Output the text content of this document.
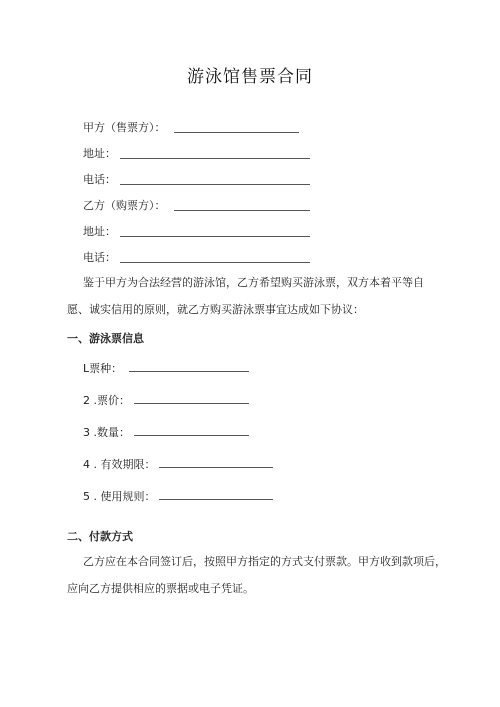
游泳馆售票合同
甲方（售票方）：
地址：
电话：
乙方（购票方）：
地址：
电话：
鉴于甲方为合法经营的游泳馆，乙方希望购买游泳票，双方本着平等自
愿、诚实信用的原则，就乙方购买游泳票事宜达成如下协议：
一、游泳票信息
L票种：
2 .票价：
3 .数量：
4 . 有效期限：
5 . 使用规则：
二、付款方式
乙方应在本合同签订后，按照甲方指定的方式支付票款。甲方收到款项后，
应向乙方提供相应的票据或电子凭证。
